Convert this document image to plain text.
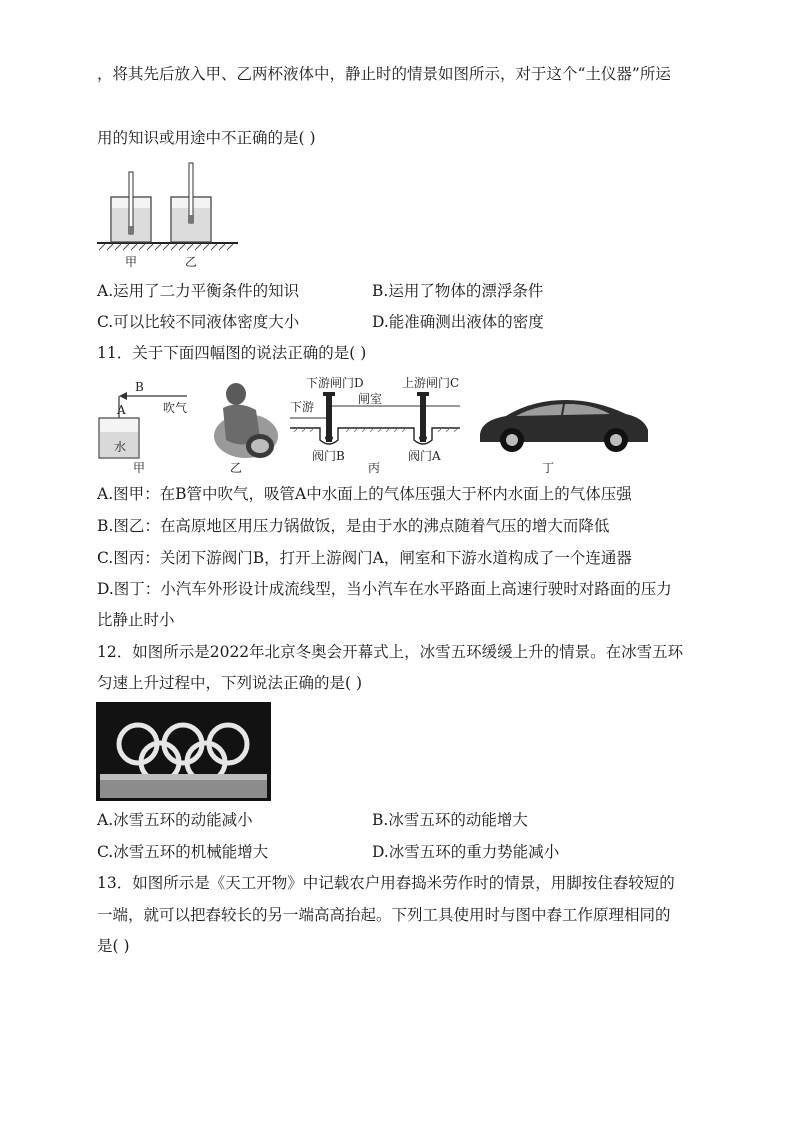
，将其先后放入甲、乙两杯液体中，静止时的情景如图所示，对于这个“土仪器”所运
用的知识或用途中不正确的是( )
甲	乙
A.运用了二力平衡条件的知识	B.运用了物体的漂浮条件
C.可以比较不同液体密度大小	D.能准确测出液体的密度
11．关于下面四幅图的说法正确的是( )
B
吹气
A
水
甲	乙
下游闸门D	上游闸门C
下游
闸室
阀门B	阀门A
丙	丁
A.图甲：在B管中吹气，吸管A中水面上的气体压强大于杯内水面上的气体压强
B.图乙：在高原地区用压力锅做饭，是由于水的沸点随着气压的增大而降低
C.图丙：关闭下游阀门B，打开上游阀门A，闸室和下游水道构成了一个连通器
D.图丁：小汽车外形设计成流线型，当小汽车在水平路面上高速行驶时对路面的压力
比静止时小
12．如图所示是2022年北京冬奥会开幕式上，冰雪五环缓缓上升的情景。在冰雪五环
匀速上升过程中，下列说法正确的是( )
A.冰雪五环的动能减小	B.冰雪五环的动能增大
C.冰雪五环的机械能增大	D.冰雪五环的重力势能减小
13．如图所示是《天工开物》中记载农户用舂捣米劳作时的情景，用脚按住舂较短的
一端，就可以把舂较长的另一端高高抬起。下列工具使用时与图中舂工作原理相同的
是( )
